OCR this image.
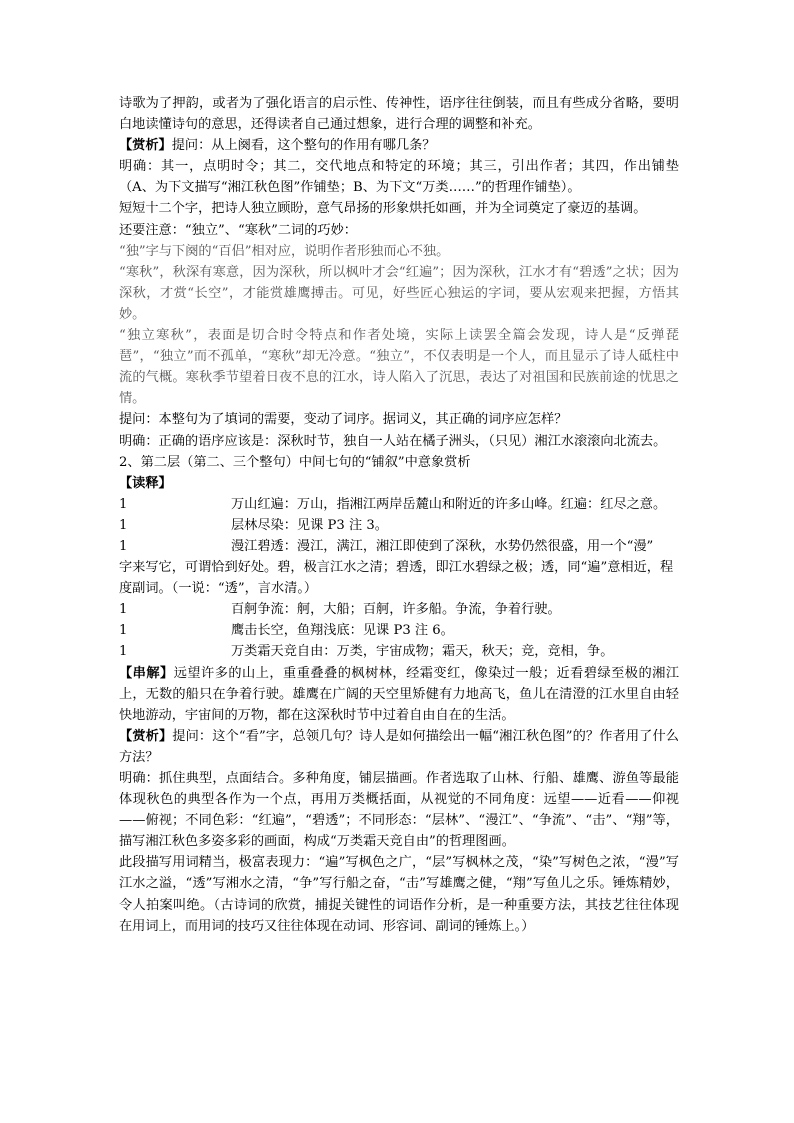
诗歌为了押韵，或者为了强化语言的启示性、传神性，语序往往倒装，而且有些成分省略，要明白地读懂诗句的意思，还得读者自己通过想象，进行合理的调整和补充。

【赏析】提问：从上阕看，这个整句的作用有哪几条？

明确：其一，点明时令；其二，交代地点和特定的环境；其三，引出作者；其四，作出铺垫（A、为下文描写“湘江秋色图”作铺垫；B、为下文“万类……”的哲理作铺垫）。

短短十二个字，把诗人独立顾盼，意气昂扬的形象烘托如画，并为全词奠定了豪迈的基调。

还要注意：“独立”、“寒秋”二词的巧妙：

“独”字与下阕的“百侣”相对应，说明作者形独而心不独。

“寒秋”，秋深有寒意，因为深秋，所以枫叶才会“红遍”；因为深秋，江水才有“碧透”之状；因为深秋，才赏“长空”，才能赏雄鹰搏击。可见，好些匠心独运的字词，要从宏观来把握，方悟其妙。

“独立寒秋”，表面是切合时令特点和作者处境，实际上读罢全篇会发现，诗人是“反弹琵琶”，“独立”而不孤单，“寒秋”却无冷意。“独立”，不仅表明是一个人，而且显示了诗人砥柱中流的气概。寒秋季节望着日夜不息的江水，诗人陷入了沉思，表达了对祖国和民族前途的忧思之情。

提问：本整句为了填词的需要，变动了词序。据词义，其正确的词序应怎样？

明确：正确的语序应该是：深秋时节，独自一人站在橘子洲头，（只见）湘江水滚滚向北流去。

2、第二层（第二、三个整句）中间七句的“铺叙”中意象赏析

【读释】

1	万山红遍：万山，指湘江两岸岳麓山和附近的许多山峰。红遍：红尽之意。
1	层林尽染：见课 P3 注 3。
1	漫江碧透：漫江，满江，湘江即使到了深秋，水势仍然很盛，用一个“漫”

字来写它，可谓恰到好处。碧，极言江水之清；碧透，即江水碧绿之极；透，同“遍”意相近，程度副词。（一说：“透”，言水清。）

1	百舸争流：舸，大船；百舸，许多船。争流，争着行驶。
1	鹰击长空，鱼翔浅底：见课 P3 注 6。
1	万类霜天竞自由：万类，宇宙成物；霜天，秋天；竞，竞相，争。

【串解】远望许多的山上，重重叠叠的枫树林，经霜变红，像染过一般；近看碧绿至极的湘江上，无数的船只在争着行驶。雄鹰在广阔的天空里矫健有力地高飞，鱼儿在清澄的江水里自由轻快地游动，宇宙间的万物，都在这深秋时节中过着自由自在的生活。

【赏析】提问：这个“看”字，总领几句？诗人是如何描绘出一幅“湘江秋色图”的？作者用了什么方法？

明确：抓住典型，点面结合。多种角度，铺层描画。作者选取了山林、行船、雄鹰、游鱼等最能体现秋色的典型各作为一个点，再用万类概括面，从视觉的不同角度：远望——近看——仰视——俯视；不同色彩：“红遍”，“碧透”；不同形态：“层林”、“漫江”、“争流”、“击”、“翔”等，描写湘江秋色多姿多彩的画面，构成“万类霜天竞自由”的哲理图画。

此段描写用词精当，极富表现力：“遍”写枫色之广，“层”写枫林之茂，“染”写树色之浓，“漫”写江水之溢，“透”写湘水之清，“争”写行船之奋，“击”写雄鹰之健，“翔”写鱼儿之乐。锤炼精妙，令人拍案叫绝。（古诗词的欣赏，捕捉关键性的词语作分析，是一种重要方法，其技艺往往体现在用词上，而用词的技巧又往往体现在动词、形容词、副词的锤炼上。）
